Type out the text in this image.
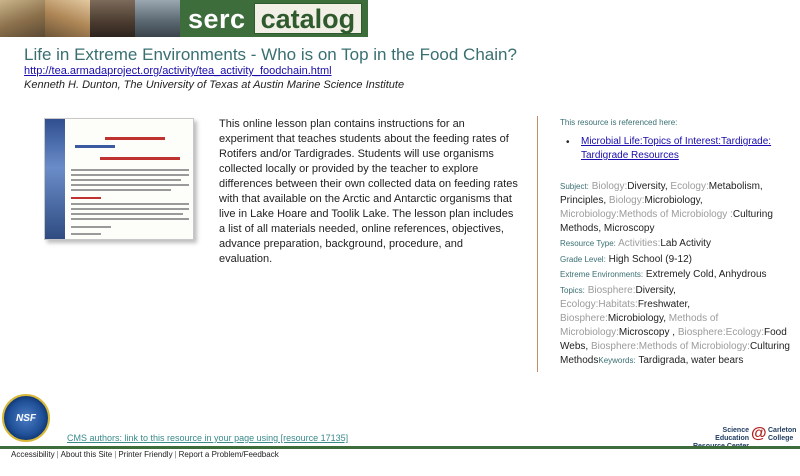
serc catalog
Life in Extreme Environments - Who is on Top in the Food Chain?
http://tea.armadaproject.org/activity/tea_activity_foodchain.html
Kenneth H. Dunton, The University of Texas at Austin Marine Science Institute
This online lesson plan contains instructions for an experiment that teaches students about the feeding rates of Rotifers and/or Tardigrades. Students will use organisms collected locally or provided by the teacher to explore differences between their own collected data on feeding rates with that available on the Arctic and Antarctic organisms that live in Lake Hoare and Toolik Lake. The lesson plan includes a list of all materials needed, online references, objectives, advance preparation, background, procedure, and evaluation.
This resource is referenced here:
• Microbial Life:Topics of Interest:Tardigrade: Tardigrade Resources
Subject: Biology:Diversity, Ecology:Metabolism, Principles, Biology:Microbiology, Microbiology:Methods of Microbiology :Culturing Methods, Microscopy
Resource Type: Activities:Lab Activity
Grade Level: High School (9-12)
Extreme Environments: Extremely Cold, Anhydrous
Topics: Biosphere:Diversity, Ecology:Habitats:Freshwater, Biosphere:Microbiology, Methods of Microbiology:Microscopy , Biosphere:Ecology:Food Webs, Biosphere:Methods of Microbiology:Culturing MethodsKeywords: Tardigrada, water bears
NSF
CMS authors: link to this resource in your page using [resource 17135]
Science Education @ Carleton
College
Accessibility | About this Site | Printer Friendly | Report a Problem/Feedback
